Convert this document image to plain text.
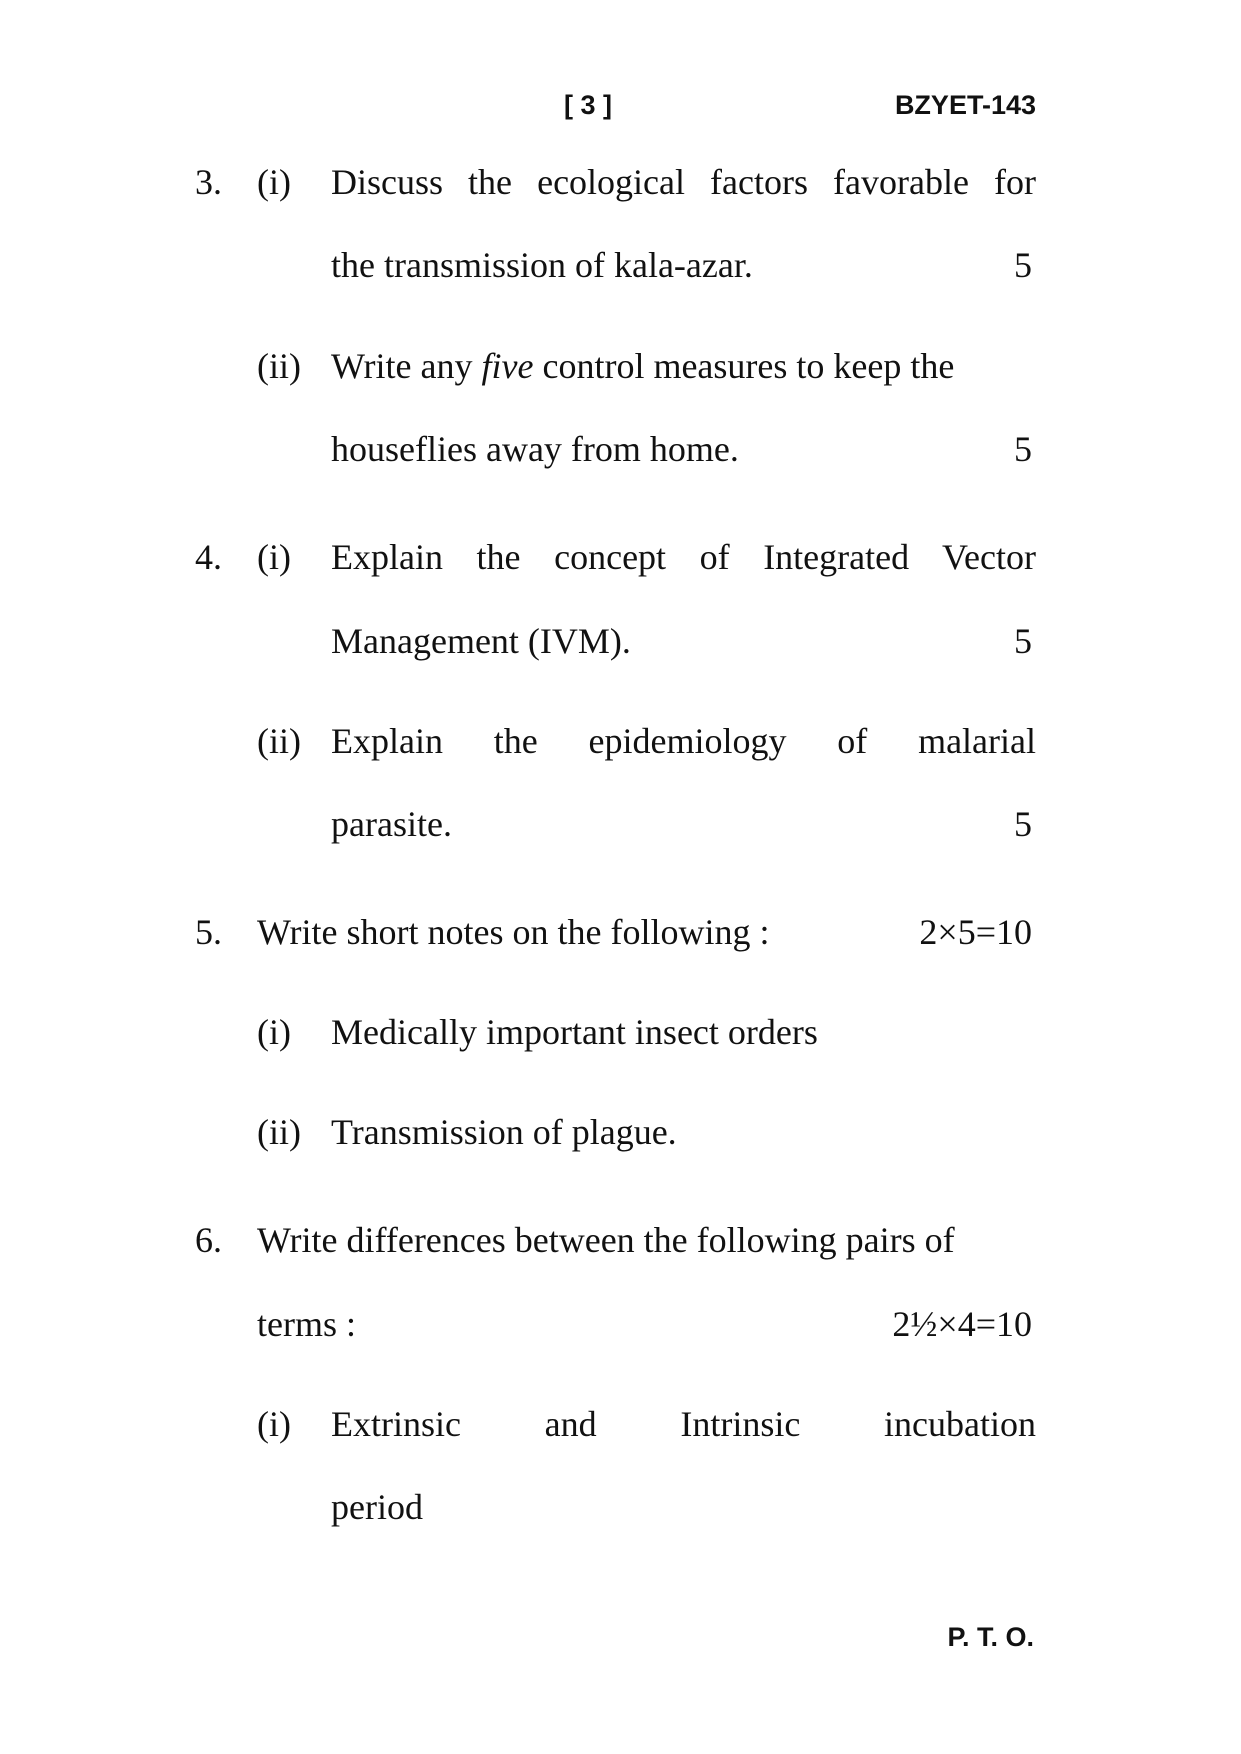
[ 3 ]	BZYET-143
3. (i) Discuss the ecological factors favorable for
the transmission of kala-azar.	5
(ii) Write any five control measures to keep the
houseflies away from home.	5
4. (i) Explain the concept of Integrated Vector
Management (IVM).	5
(ii) Explain the epidemiology of malarial
parasite.	5
5. Write short notes on the following :	2×5=10
(i) Medically important insect orders
(ii) Transmission of plague.
6. Write differences between the following pairs of
terms :	2½×4=10
(i) Extrinsic and Intrinsic incubation
period
P. T. O.
